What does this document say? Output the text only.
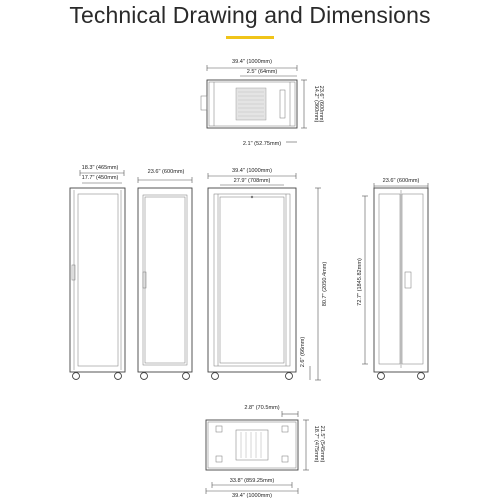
Technical Drawing and Dimensions
39.4" (1000mm)
2.5" (64mm)
14.2" (360mm) 23.6" (600mm)
2.1" (52.75mm)
18.3" (465mm)
17.7" (450mm)
23.6" (600mm)	39.4" (1000mm)
27.9" (708mm)
80.7" (2050.4mm)
2.6" (66mm)
23.6" (600mm)
72.7" (1845.82mm)
2.8" (70.5mm)
18.7" (475mm) 21.5" (545mm)
33.8" (859.25mm)
39.4" (1000mm)
